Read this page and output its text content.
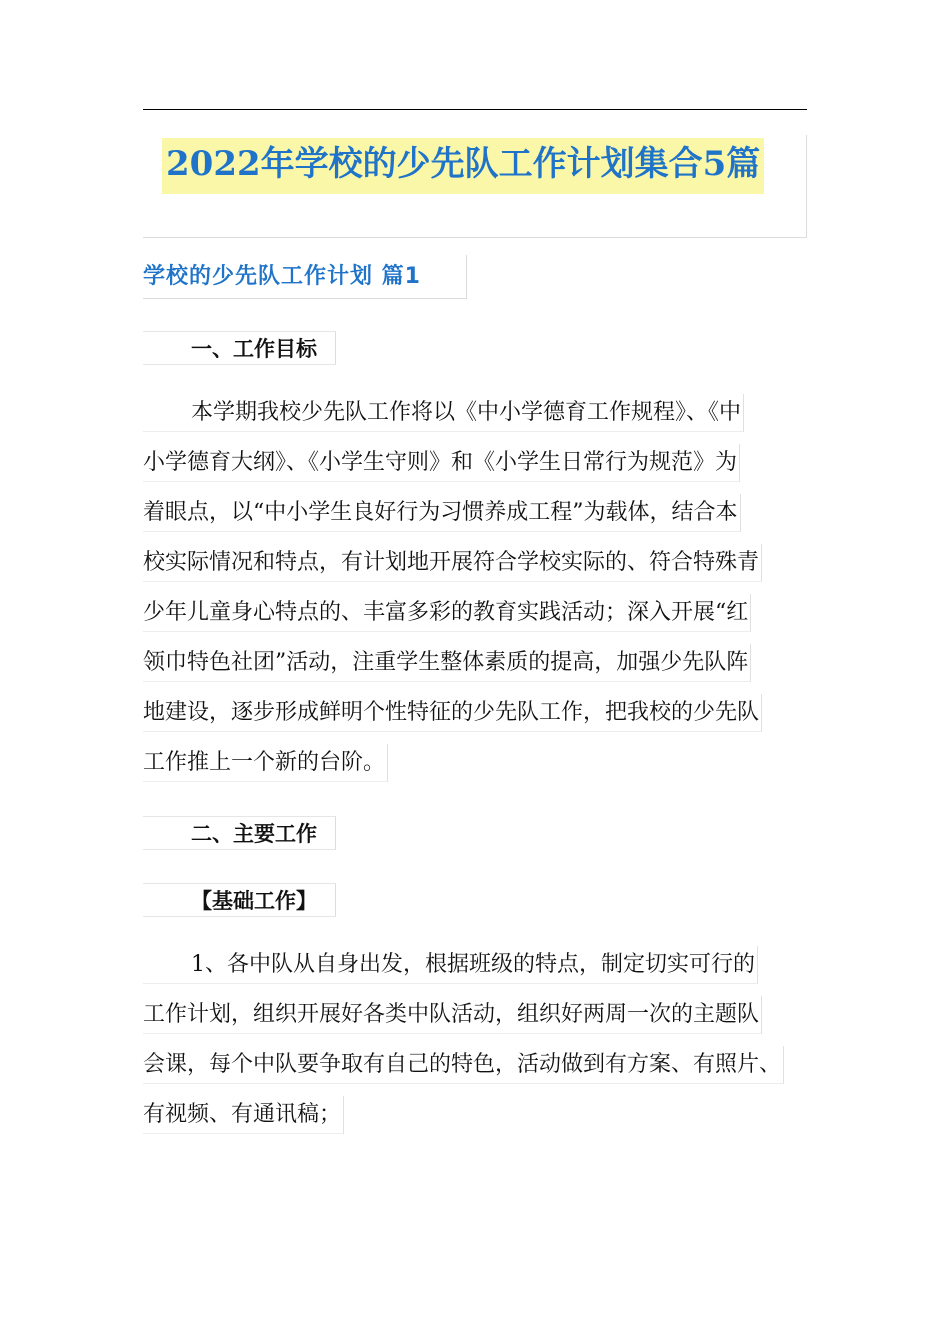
2022年学校的少先队工作计划集合5篇
学校的少先队工作计划 篇1
一、工作目标
本学期我校少先队工作将以《中小学德育工作规程》、《中
小学德育大纲》、《小学生守则》和《小学生日常行为规范》为
着眼点，以“中小学生良好行为习惯养成工程”为载体，结合本
校实际情况和特点，有计划地开展符合学校实际的、符合特殊青
少年儿童身心特点的、丰富多彩的教育实践活动；深入开展“红
领巾特色社团”活动，注重学生整体素质的提高，加强少先队阵
地建设，逐步形成鲜明个性特征的少先队工作，把我校的少先队
工作推上一个新的台阶。
二、主要工作
【基础工作】
1、各中队从自身出发，根据班级的特点，制定切实可行的
工作计划，组织开展好各类中队活动，组织好两周一次的主题队
会课，每个中队要争取有自己的特色，活动做到有方案、有照片、
有视频、有通讯稿；
